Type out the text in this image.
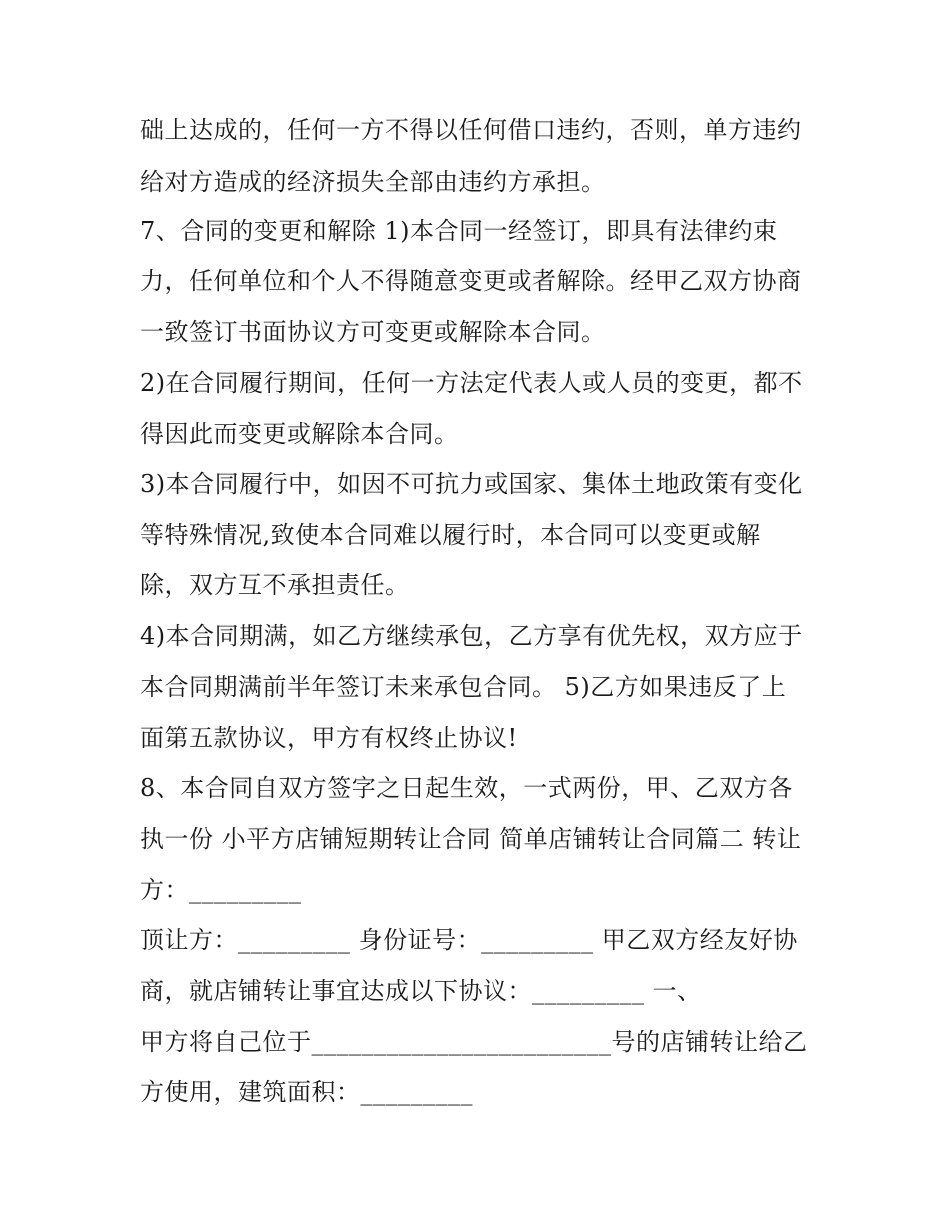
础上达成的，任何一方不得以任何借口违约，否则，单方违约
给对方造成的经济损失全部由违约方承担。
7、合同的变更和解除 1)本合同一经签订，即具有法律约束
力，任何单位和个人不得随意变更或者解除。经甲乙双方协商
一致签订书面协议方可变更或解除本合同。
2)在合同履行期间，任何一方法定代表人或人员的变更，都不
得因此而变更或解除本合同。
3)本合同履行中，如因不可抗力或国家、集体土地政策有变化
等特殊情况,致使本合同难以履行时，本合同可以变更或解
除，双方互不承担责任。
4)本合同期满，如乙方继续承包，乙方享有优先权，双方应于
本合同期满前半年签订未来承包合同。 5)乙方如果违反了上
面第五款协议，甲方有权终止协议!
8、本合同自双方签字之日起生效，一式两份，甲、乙双方各
执一份 小平方店铺短期转让合同 简单店铺转让合同篇二 转让
方：_________
顶让方：_________ 身份证号：_________ 甲乙双方经友好协
商，就店铺转让事宜达成以下协议：_________ 一、
甲方将自己位于________________________号的店铺转让给乙
方使用，建筑面积：_________
